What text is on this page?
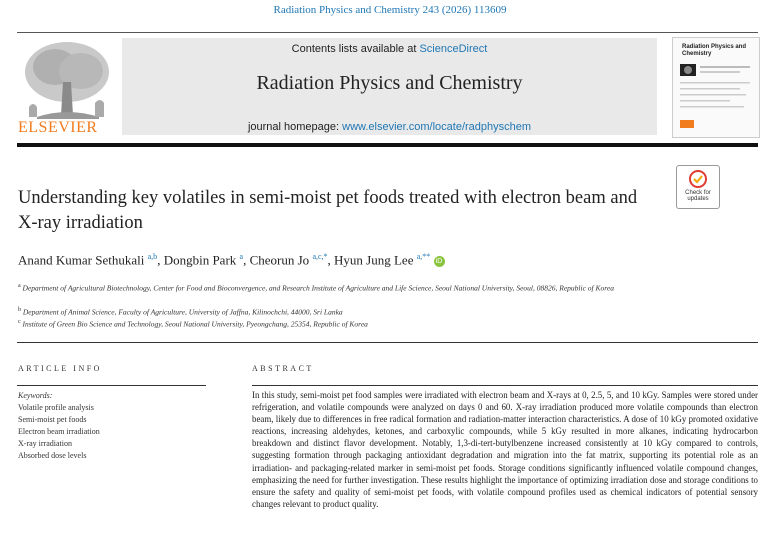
Radiation Physics and Chemistry 243 (2026) 113609
ELSEVIER
Contents lists available at ScienceDirect
Radiation Physics and Chemistry
journal homepage: www.elsevier.com/locate/radphyschem
Radiation Physics and Chemistry
Understanding key volatiles in semi-moist pet foods treated with electron beam and X-ray irradiation
Check for updates
Anand Kumar Sethukali $^{a,b}$, Dongbin Park $^a$, Cheorun Jo $^{a,c,*}$, Hyun Jung Lee $^{a,**}$ iD
$^a$ Department of Agricultural Biotechnology, Center for Food and Bioconvergence, and Research Institute of Agriculture and Life Science, Seoul National University, Seoul, 08826, Republic of Korea
$^b$ Department of Animal Science, Faculty of Agriculture, University of Jaffna, Kilinochchi, 44000, Sri Lanka
$^c$ Institute of Green Bio Science and Technology, Seoul National University, Pyeongchang, 25354, Republic of Korea
ARTICLE INFO
Keywords:
Volatile profile analysis
Semi-moist pet foods
Electron beam irradiation
X-ray irradiation
Absorbed dose levels
ABSTRACT
In this study, semi-moist pet food samples were irradiated with electron beam and X-rays at 0, 2.5, 5, and 10 kGy. Samples were stored under refrigeration, and volatile compounds were analyzed on days 0 and 60. X-ray irradiation produced more volatile compounds than electron beam, likely due to differences in free radical formation and radiation-matter interaction characteristics. A dose of 10 kGy promoted oxidative reactions, increasing aldehydes, ketones, and carboxylic compounds, while 5 kGy resulted in more alkanes, indicating hydrocarbon breakdown and distinct flavor development. Notably, 1,3-di-tert-butylbenzene increased consistently at 10 kGy compared to controls, suggesting formation through packaging antioxidant degradation and migration into the fat matrix, supporting its potential role as an irradiation- and packaging-related marker in semi-moist pet foods. Storage conditions significantly influenced volatile compound changes, emphasizing the need for further investigation. These results highlight the importance of optimizing irradiation dose and storage conditions to ensure the safety and quality of semi-moist pet foods, with volatile compound profiles used as chemical indicators of potential sensory changes relevant to product quality.
